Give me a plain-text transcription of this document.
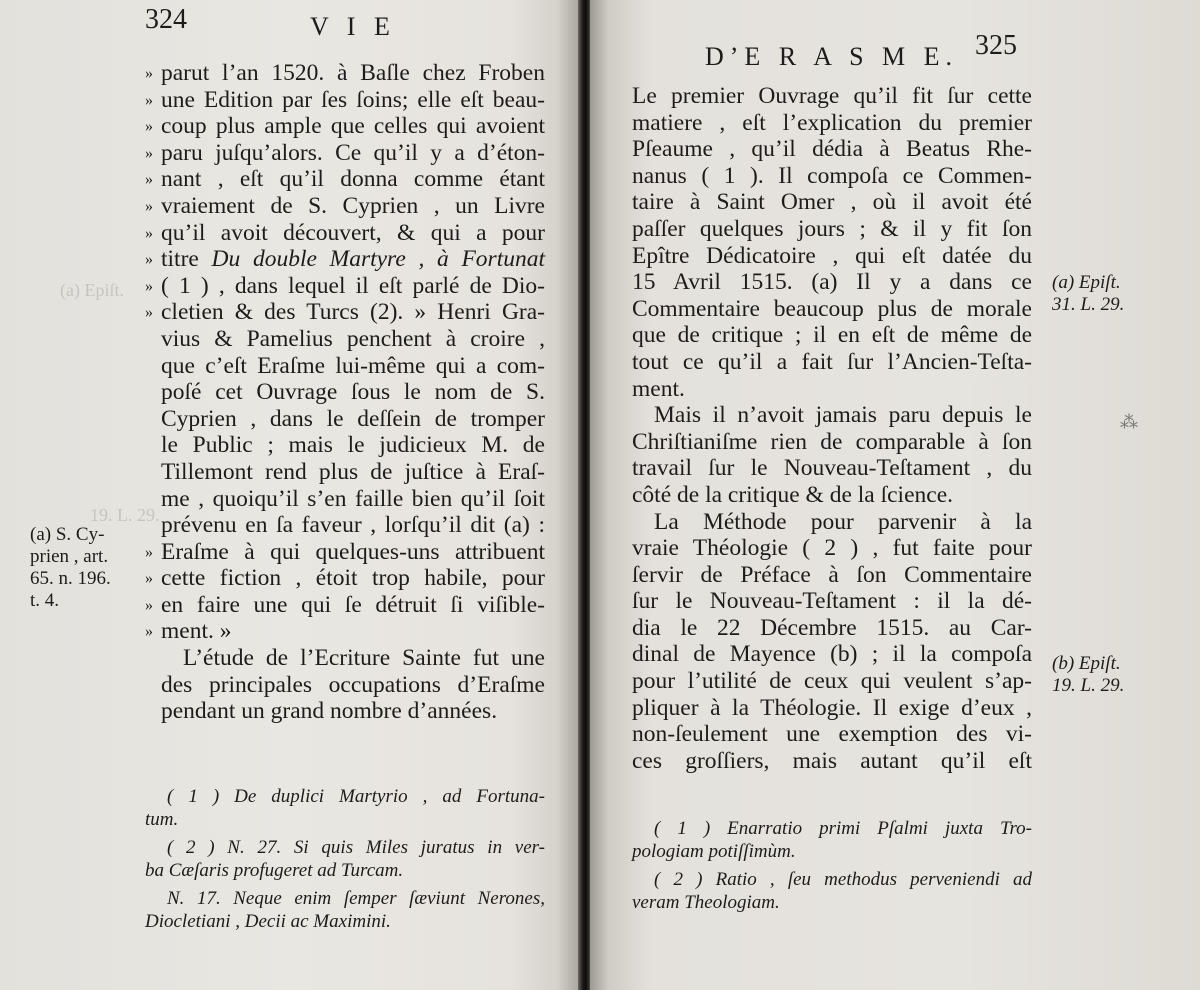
(a) Epiſt.
19. L. 29.
324	V I E
» parut l’an 1520. à Baſle chez Froben
» une Edition par ſes ſoins; elle eſt beau-
» coup plus ample que celles qui avoient
» paru juſqu’alors. Ce qu’il y a d’éton-
» nant , eſt qu’il donna comme étant
» vraiement de S. Cyprien , un Livre
» qu’il avoit découvert, & qui a pour
» titre Du double Martyre , à Fortunat
» ( 1 ) , dans lequel il eſt parlé de Dio-
» cletien & des Turcs (2). » Henri Gra-
vius & Pamelius penchent à croire ,
que c’eſt Eraſme lui-même qui a com-
poſé cet Ouvrage ſous le nom de S.
Cyprien , dans le deſſein de tromper
le Public ; mais le judicieux M. de
Tillemont rend plus de juſtice à Eraſ-
me , quoiqu’il s’en faille bien qu’il ſoit
prévenu en ſa faveur , lorſqu’il dit (a) :
» Eraſme à qui quelques-uns attribuent
» cette fiction , étoit trop habile, pour
» en faire une qui ſe détruit ſi viſible-
» ment. »
L’étude de l’Ecriture Sainte fut une
des principales occupations d’Eraſme
pendant un grand nombre d’années.
(a) S. Cy-
prien , art.
65. n. 196.
t. 4.
( 1 ) De duplici Martyrio , ad Fortuna-
tum.
( 2 ) N. 27. Si quis Miles juratus in ver-
ba Cæſaris profugeret ad Turcam.
N. 17. Neque enim ſemper ſæviunt Nerones,
Diocletiani , Decii ac Maximini.
D’E R A S M E. 325
Le premier Ouvrage qu’il fit ſur cette
matiere , eſt l’explication du premier
Pſeaume , qu’il dédia à Beatus Rhe-
nanus ( 1 ). Il compoſa ce Commen-
taire à Saint Omer , où il avoit été
paſſer quelques jours ; & il y fit ſon
Epître Dédicatoire , qui eſt datée du
15 Avril 1515. (a) Il y a dans ce
Commentaire beaucoup plus de morale
que de critique ; il en eſt de même de
tout ce qu’il a fait ſur l’Ancien-Teſta-
ment.
Mais il n’avoit jamais paru depuis le
Chriſtianiſme rien de comparable à ſon
travail ſur le Nouveau-Teſtament , du
côté de la critique & de la ſcience.
La Méthode pour parvenir à la
vraie Théologie ( 2 ) , fut faite pour
ſervir de Préface à ſon Commentaire
ſur le Nouveau-Teſtament : il la dé-
dia le 22 Décembre 1515. au Car-
dinal de Mayence (b) ; il la compoſa
pour l’utilité de ceux qui veulent s’ap-
pliquer à la Théologie. Il exige d’eux ,
non-ſeulement une exemption des vi-
ces groſſiers, mais autant qu’il eſt
(a) Epiſt.
31. L. 29.
(b) Epiſt.
19. L. 29.
⁂
( 1 ) Enarratio primi Pſalmi juxta Tro-
pologiam potiſſimùm.
( 2 ) Ratio , ſeu methodus perveniendi ad
veram Theologiam.
